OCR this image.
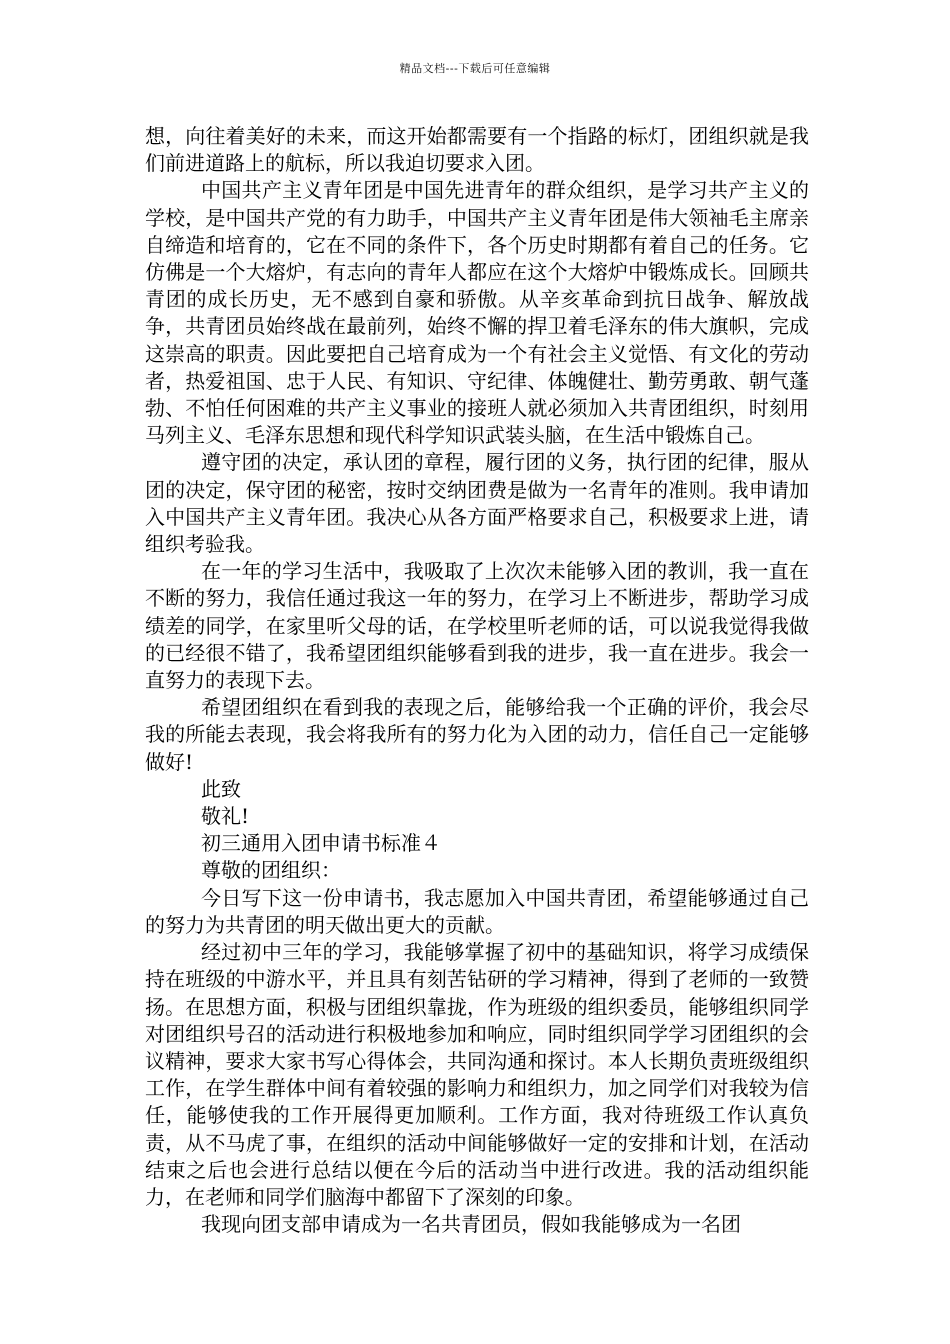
精品文档---下载后可任意编辑

想，向往着美好的未来，而这开始都需要有一个指路的标灯，团组织就是我们前进道路上的航标，所以我迫切要求入团。

中国共产主义青年团是中国先进青年的群众组织，是学习共产主义的学校，是中国共产党的有力助手，中国共产主义青年团是伟大领袖毛主席亲自缔造和培育的，它在不同的条件下，各个历史时期都有着自己的任务。它仿佛是一个大熔炉，有志向的青年人都应在这个大熔炉中锻炼成长。回顾共青团的成长历史，无不感到自豪和骄傲。从辛亥革命到抗日战争、解放战争，共青团员始终战在最前列，始终不懈的捍卫着毛泽东的伟大旗帜，完成这崇高的职责。因此要把自己培育成为一个有社会主义觉悟、有文化的劳动者，热爱祖国、忠于人民、有知识、守纪律、体魄健壮、勤劳勇敢、朝气蓬勃、不怕任何困难的共产主义事业的接班人就必须加入共青团组织，时刻用马列主义、毛泽东思想和现代科学知识武装头脑，在生活中锻炼自己。

遵守团的决定，承认团的章程，履行团的义务，执行团的纪律，服从团的决定，保守团的秘密，按时交纳团费是做为一名青年的准则。我申请加入中国共产主义青年团。我决心从各方面严格要求自己，积极要求上进，请组织考验我。

在一年的学习生活中，我吸取了上次次未能够入团的教训，我一直在不断的努力，我信任通过我这一年的努力，在学习上不断进步，帮助学习成绩差的同学，在家里听父母的话，在学校里听老师的话，可以说我觉得我做的已经很不错了，我希望团组织能够看到我的进步，我一直在进步。我会一直努力的表现下去。

希望团组织在看到我的表现之后，能够给我一个正确的评价，我会尽我的所能去表现，我会将我所有的努力化为入团的动力，信任自己一定能够做好!

此致

敬礼!

初三通用入团申请书标准４

尊敬的团组织：

今日写下这一份申请书，我志愿加入中国共青团，希望能够通过自己的努力为共青团的明天做出更大的贡献。

经过初中三年的学习，我能够掌握了初中的基础知识，将学习成绩保持在班级的中游水平，并且具有刻苦钻研的学习精神，得到了老师的一致赞扬。在思想方面，积极与团组织靠拢，作为班级的组织委员，能够组织同学对团组织号召的活动进行积极地参加和响应，同时组织同学学习团组织的会议精神，要求大家书写心得体会，共同沟通和探讨。本人长期负责班级组织工作，在学生群体中间有着较强的影响力和组织力，加之同学们对我较为信任，能够使我的工作开展得更加顺利。工作方面，我对待班级工作认真负责，从不马虎了事，在组织的活动中间能够做好一定的安排和计划，在活动结束之后也会进行总结以便在今后的活动当中进行改进。我的活动组织能力，在老师和同学们脑海中都留下了深刻的印象。

我现向团支部申请成为一名共青团员，假如我能够成为一名团
